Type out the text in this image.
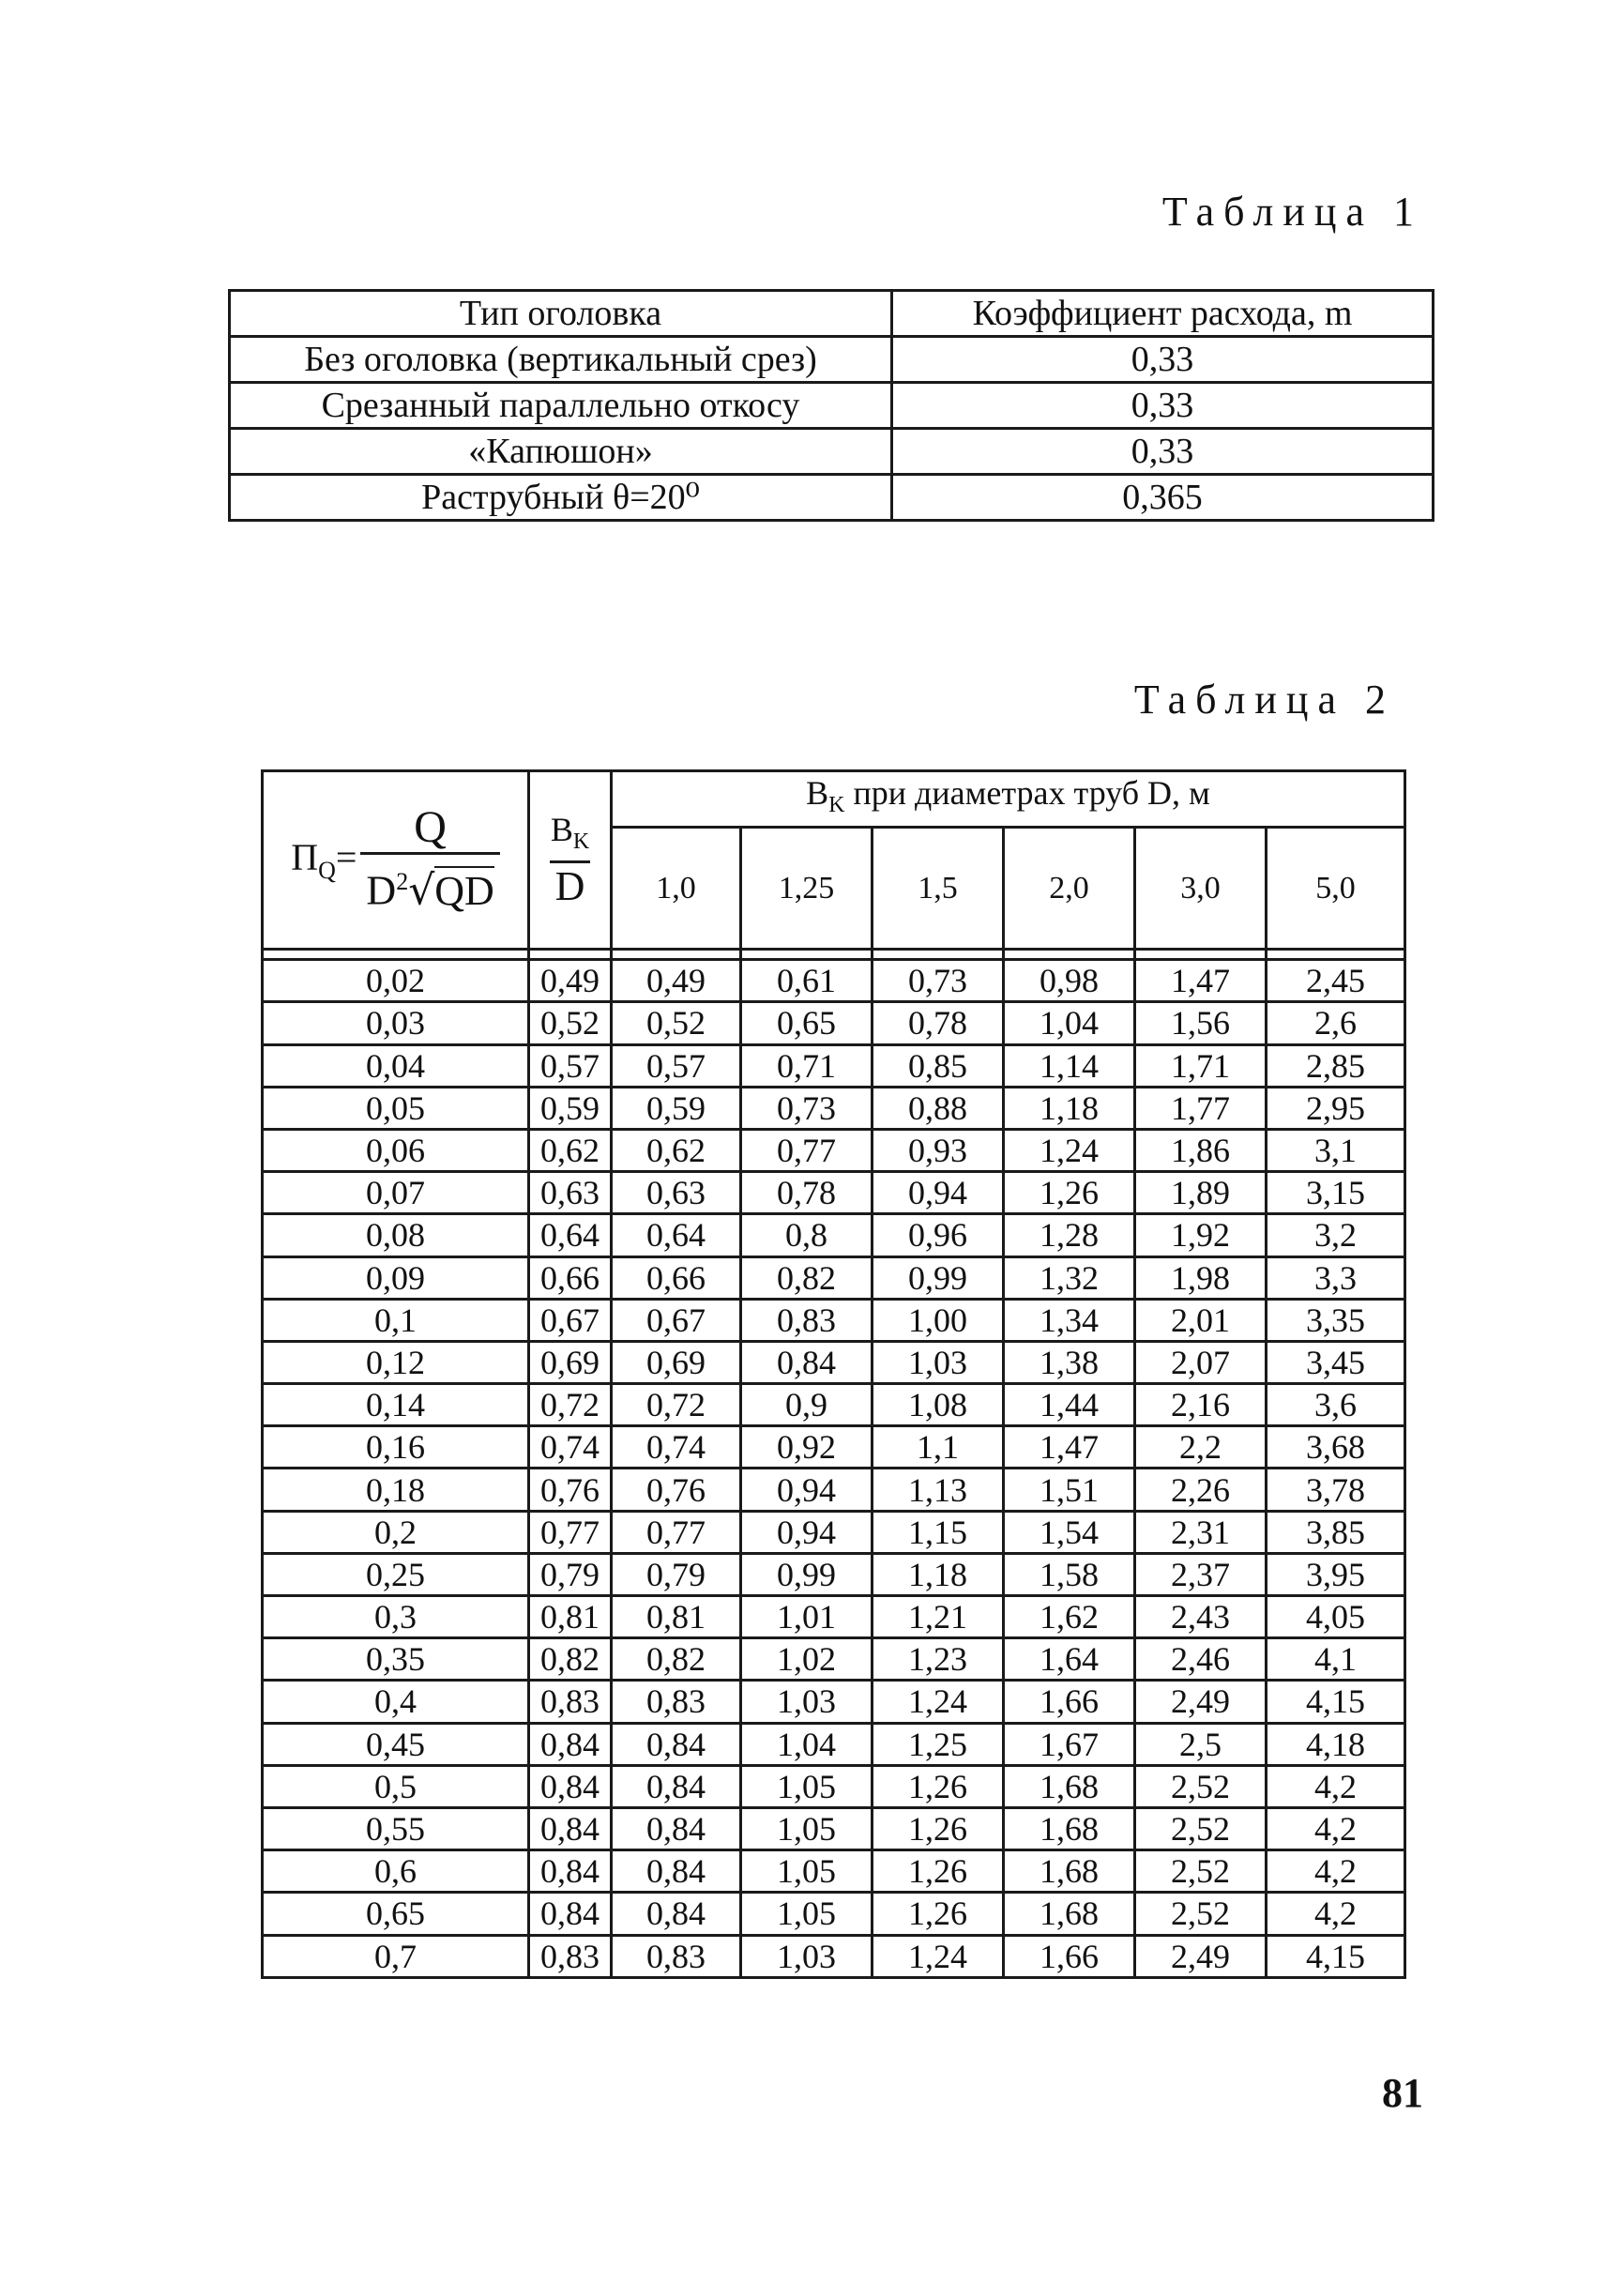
Таблица 1
Тип оголовка	Коэффициент расхода, m
Без оголовка (вертикальный срез)	0,33
Срезанный параллельно откосу	0,33
«Капюшон»	0,33
Раструбный θ=20⁰	0,365
Таблица 2
$П_Q= \frac{Q}{D^2√QD}$	$\frac{B_K}{D}$	$B_K$ при диаметрах труб D, м					
		1,0	1,25	1,5	2,0	3,0	5,0

0,02	0,49	0,49	0,61	0,73	0,98	1,47	2,45
0,03	0,52	0,52	0,65	0,78	1,04	1,56	2,6
0,04	0,57	0,57	0,71	0,85	1,14	1,71	2,85
0,05	0,59	0,59	0,73	0,88	1,18	1,77	2,95
0,06	0,62	0,62	0,77	0,93	1,24	1,86	3,1
0,07	0,63	0,63	0,78	0,94	1,26	1,89	3,15
0,08	0,64	0,64	0,8	0,96	1,28	1,92	3,2
0,09	0,66	0,66	0,82	0,99	1,32	1,98	3,3
0,1	0,67	0,67	0,83	1,00	1,34	2,01	3,35
0,12	0,69	0,69	0,84	1,03	1,38	2,07	3,45
0,14	0,72	0,72	0,9	1,08	1,44	2,16	3,6
0,16	0,74	0,74	0,92	1,1	1,47	2,2	3,68
0,18	0,76	0,76	0,94	1,13	1,51	2,26	3,78
0,2	0,77	0,77	0,94	1,15	1,54	2,31	3,85
0,25	0,79	0,79	0,99	1,18	1,58	2,37	3,95
0,3	0,81	0,81	1,01	1,21	1,62	2,43	4,05
0,35	0,82	0,82	1,02	1,23	1,64	2,46	4,1
0,4	0,83	0,83	1,03	1,24	1,66	2,49	4,15
0,45	0,84	0,84	1,04	1,25	1,67	2,5	4,18
0,5	0,84	0,84	1,05	1,26	1,68	2,52	4,2
0,55	0,84	0,84	1,05	1,26	1,68	2,52	4,2
0,6	0,84	0,84	1,05	1,26	1,68	2,52	4,2
0,65	0,84	0,84	1,05	1,26	1,68	2,52	4,2
0,7	0,83	0,83	1,03	1,24	1,66	2,49	4,15
81
